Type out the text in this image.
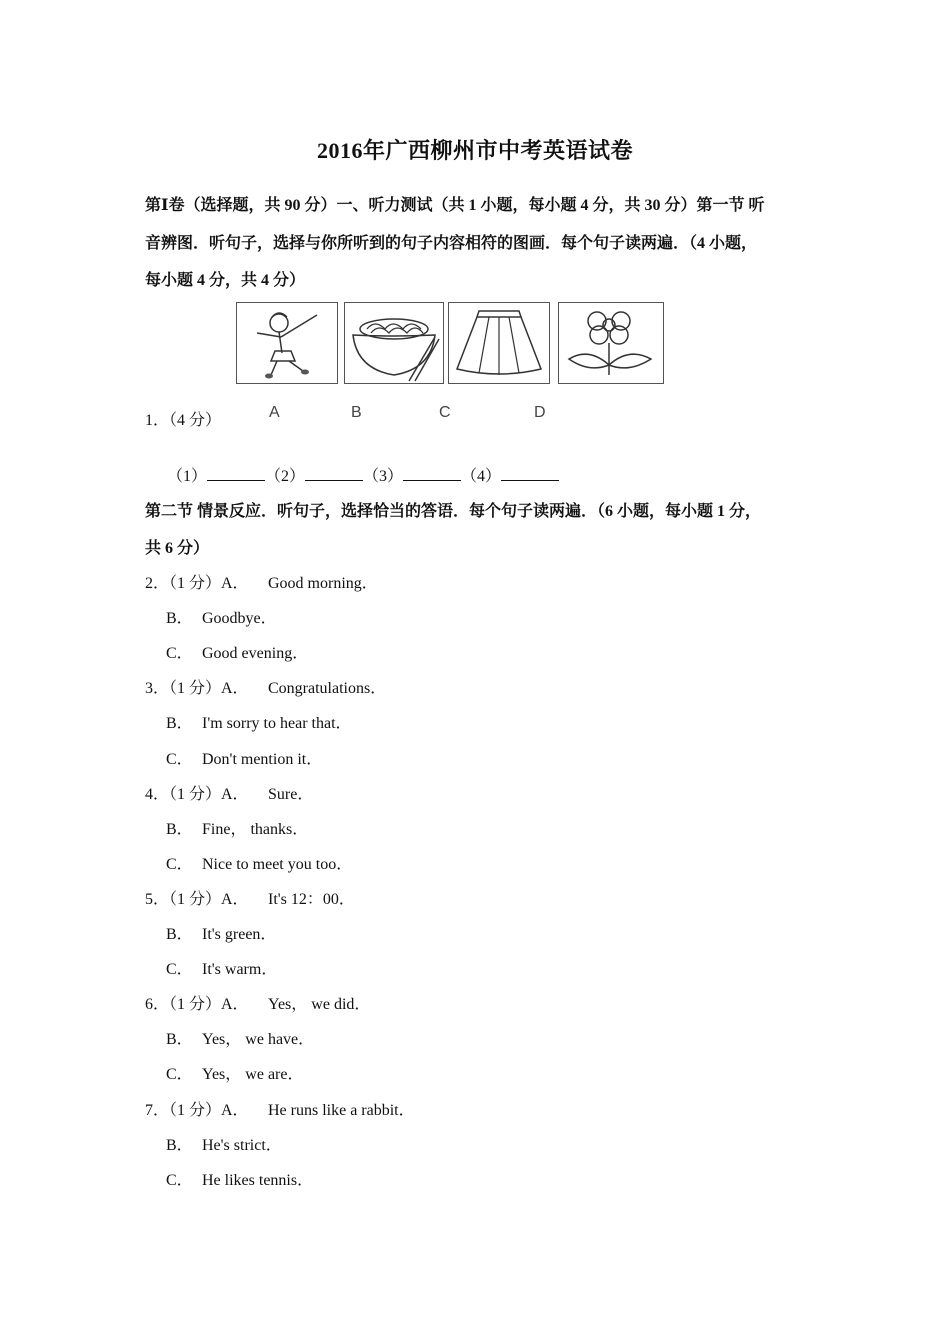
2016年广西柳州市中考英语试卷
第Ⅰ卷（选择题，共 90 分）一、听力测试（共 1 小题，每小题 4 分，共 30 分）第一节 听
音辨图．听句子，选择与你所听到的句子内容相符的图画．每个句子读两遍．（4 小题，
每小题 4 分，共 4 分）
1．（4 分）	A	B	C	D
（1）	（2）	（3）	（4）
第二节 情景反应．听句子，选择恰当的答语．每个句子读两遍．（6 小题，每小题 1 分，
共 6 分）
2．（1 分）A． Good morning．
B． Goodbye．
C． Good evening．
3．（1 分）A． Congratulations．
B． I'm sorry to hear that．
C． Don't mention it．
4．（1 分）A． Sure．
B． Fine， thanks．
C． Nice to meet you too．
5．（1 分）A． It's 12：00．
B． It's green．
C． It's warm．
6．（1 分）A． Yes， we did．
B． Yes， we have．
C． Yes， we are．
7．（1 分）A． He runs like a rabbit．
B． He's strict．
C． He likes tennis．
